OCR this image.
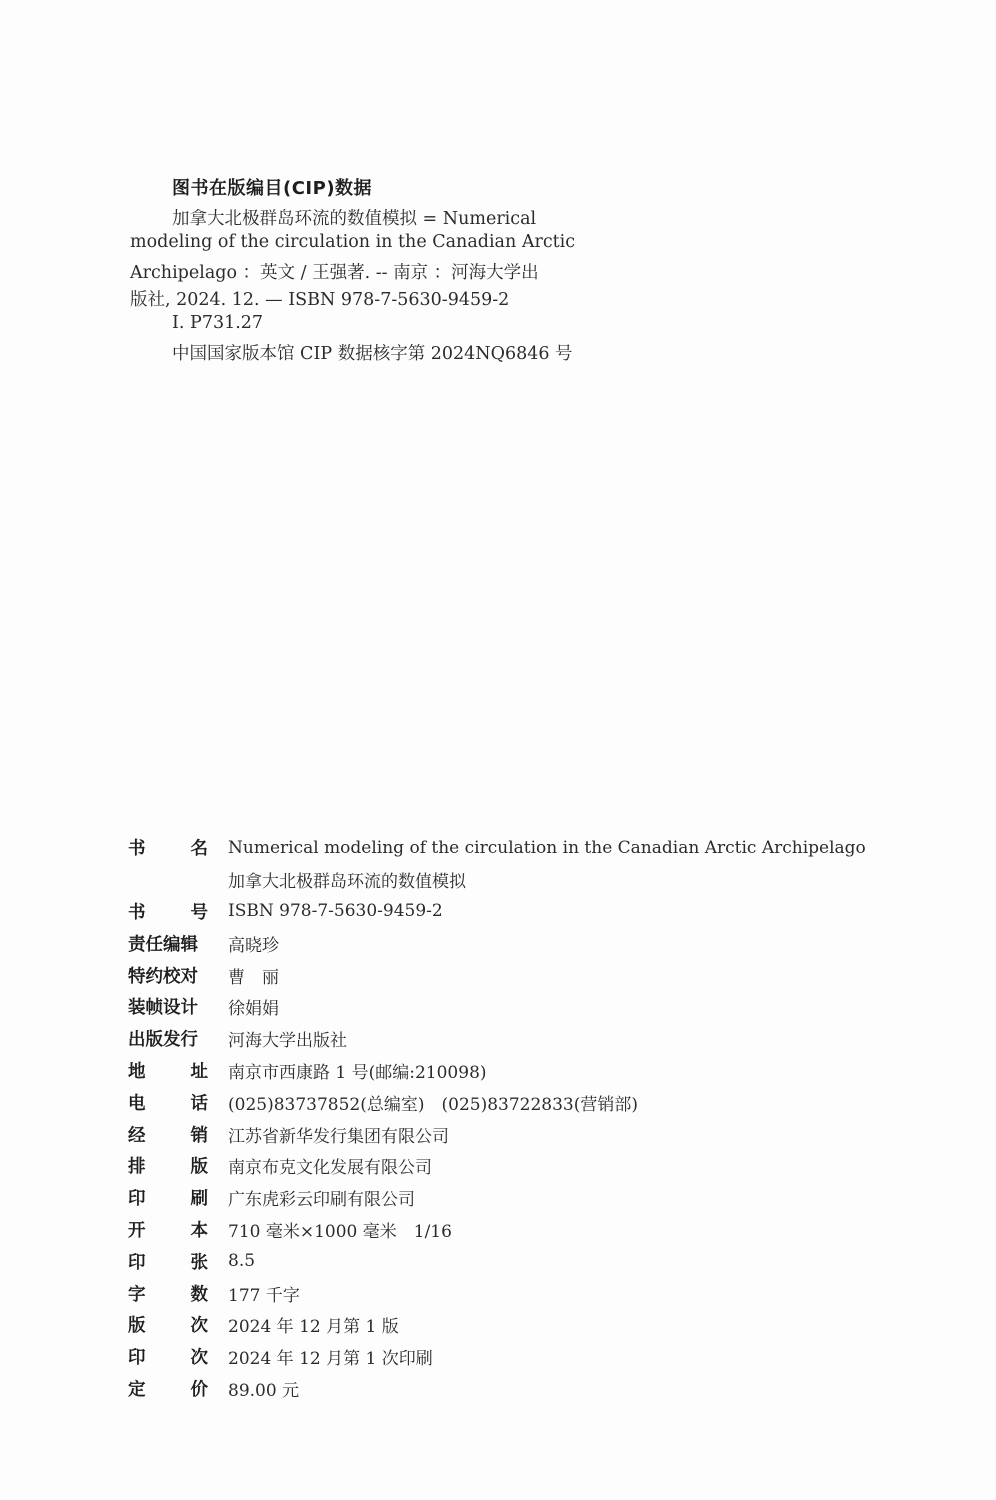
图书在版编目(CIP)数据
加拿大北极群岛环流的数值模拟 = Numerical
modeling of the circulation in the Canadian Arctic
Archipelago ：英文 / 王强著. -- 南京 ：河海大学出
版社, 2024. 12. — ISBN 978-7-5630-9459-2
Ⅰ. P731.27
中国国家版本馆 CIP 数据核字第 2024NQ6846 号
书	名 Numerical modeling of the circulation in the Canadian Arctic Archipelago
加拿大北极群岛环流的数值模拟
书	号 ISBN 978-7-5630-9459-2
责任编辑 高晓珍
特约校对 曹　丽
装帧设计 徐娟娟
出版发行 河海大学出版社
地	址 南京市西康路 1 号(邮编:210098)
电	话 (025)83737852(总编室)　(025)83722833(营销部)
经	销 江苏省新华发行集团有限公司
排	版 南京布克文化发展有限公司
印	刷 广东虎彩云印刷有限公司
开	本 710 毫米×1000 毫米　1/16
印	张 8.5
字	数 177 千字
版	次 2024 年 12 月第 1 版
印	次 2024 年 12 月第 1 次印刷
定	价 89.00 元
